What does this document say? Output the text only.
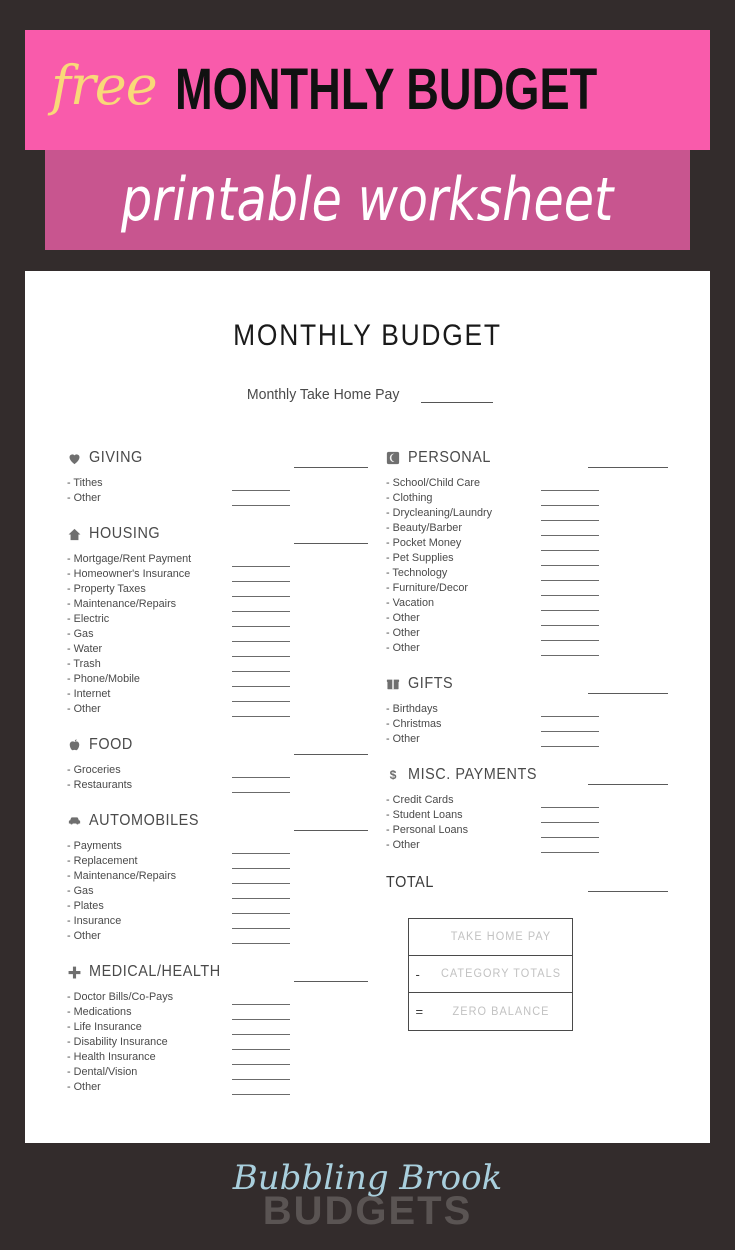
free MONTHLY BUDGET
printable worksheet
MONTHLY BUDGET
Monthly Take Home Pay
GIVING
- Tithes
- Other
HOUSING
- Mortgage/Rent Payment
- Homeowner's Insurance
- Property Taxes
- Maintenance/Repairs
- Electric
- Gas
- Water
- Trash
- Phone/Mobile
- Internet
- Other
FOOD
- Groceries
- Restaurants
AUTOMOBILES
- Payments
- Replacement
- Maintenance/Repairs
- Gas
- Plates
- Insurance
- Other
MEDICAL/HEALTH
- Doctor Bills/Co-Pays
- Medications
- Life Insurance
- Disability Insurance
- Health Insurance
- Dental/Vision
- Other
PERSONAL
- School/Child Care
- Clothing
- Drycleaning/Laundry
- Beauty/Barber
- Pocket Money
- Pet Supplies
- Technology
- Furniture/Decor
- Vacation
- Other
- Other
- Other
GIFTS
- Birthdays
- Christmas
- Other
$ MISC. PAYMENTS
- Credit Cards
- Student Loans
- Personal Loans
- Other
TOTAL
TAKE HOME PAY
-	CATEGORY TOTALS
=	ZERO BALANCE
BUDGETS
Bubbling Brook
